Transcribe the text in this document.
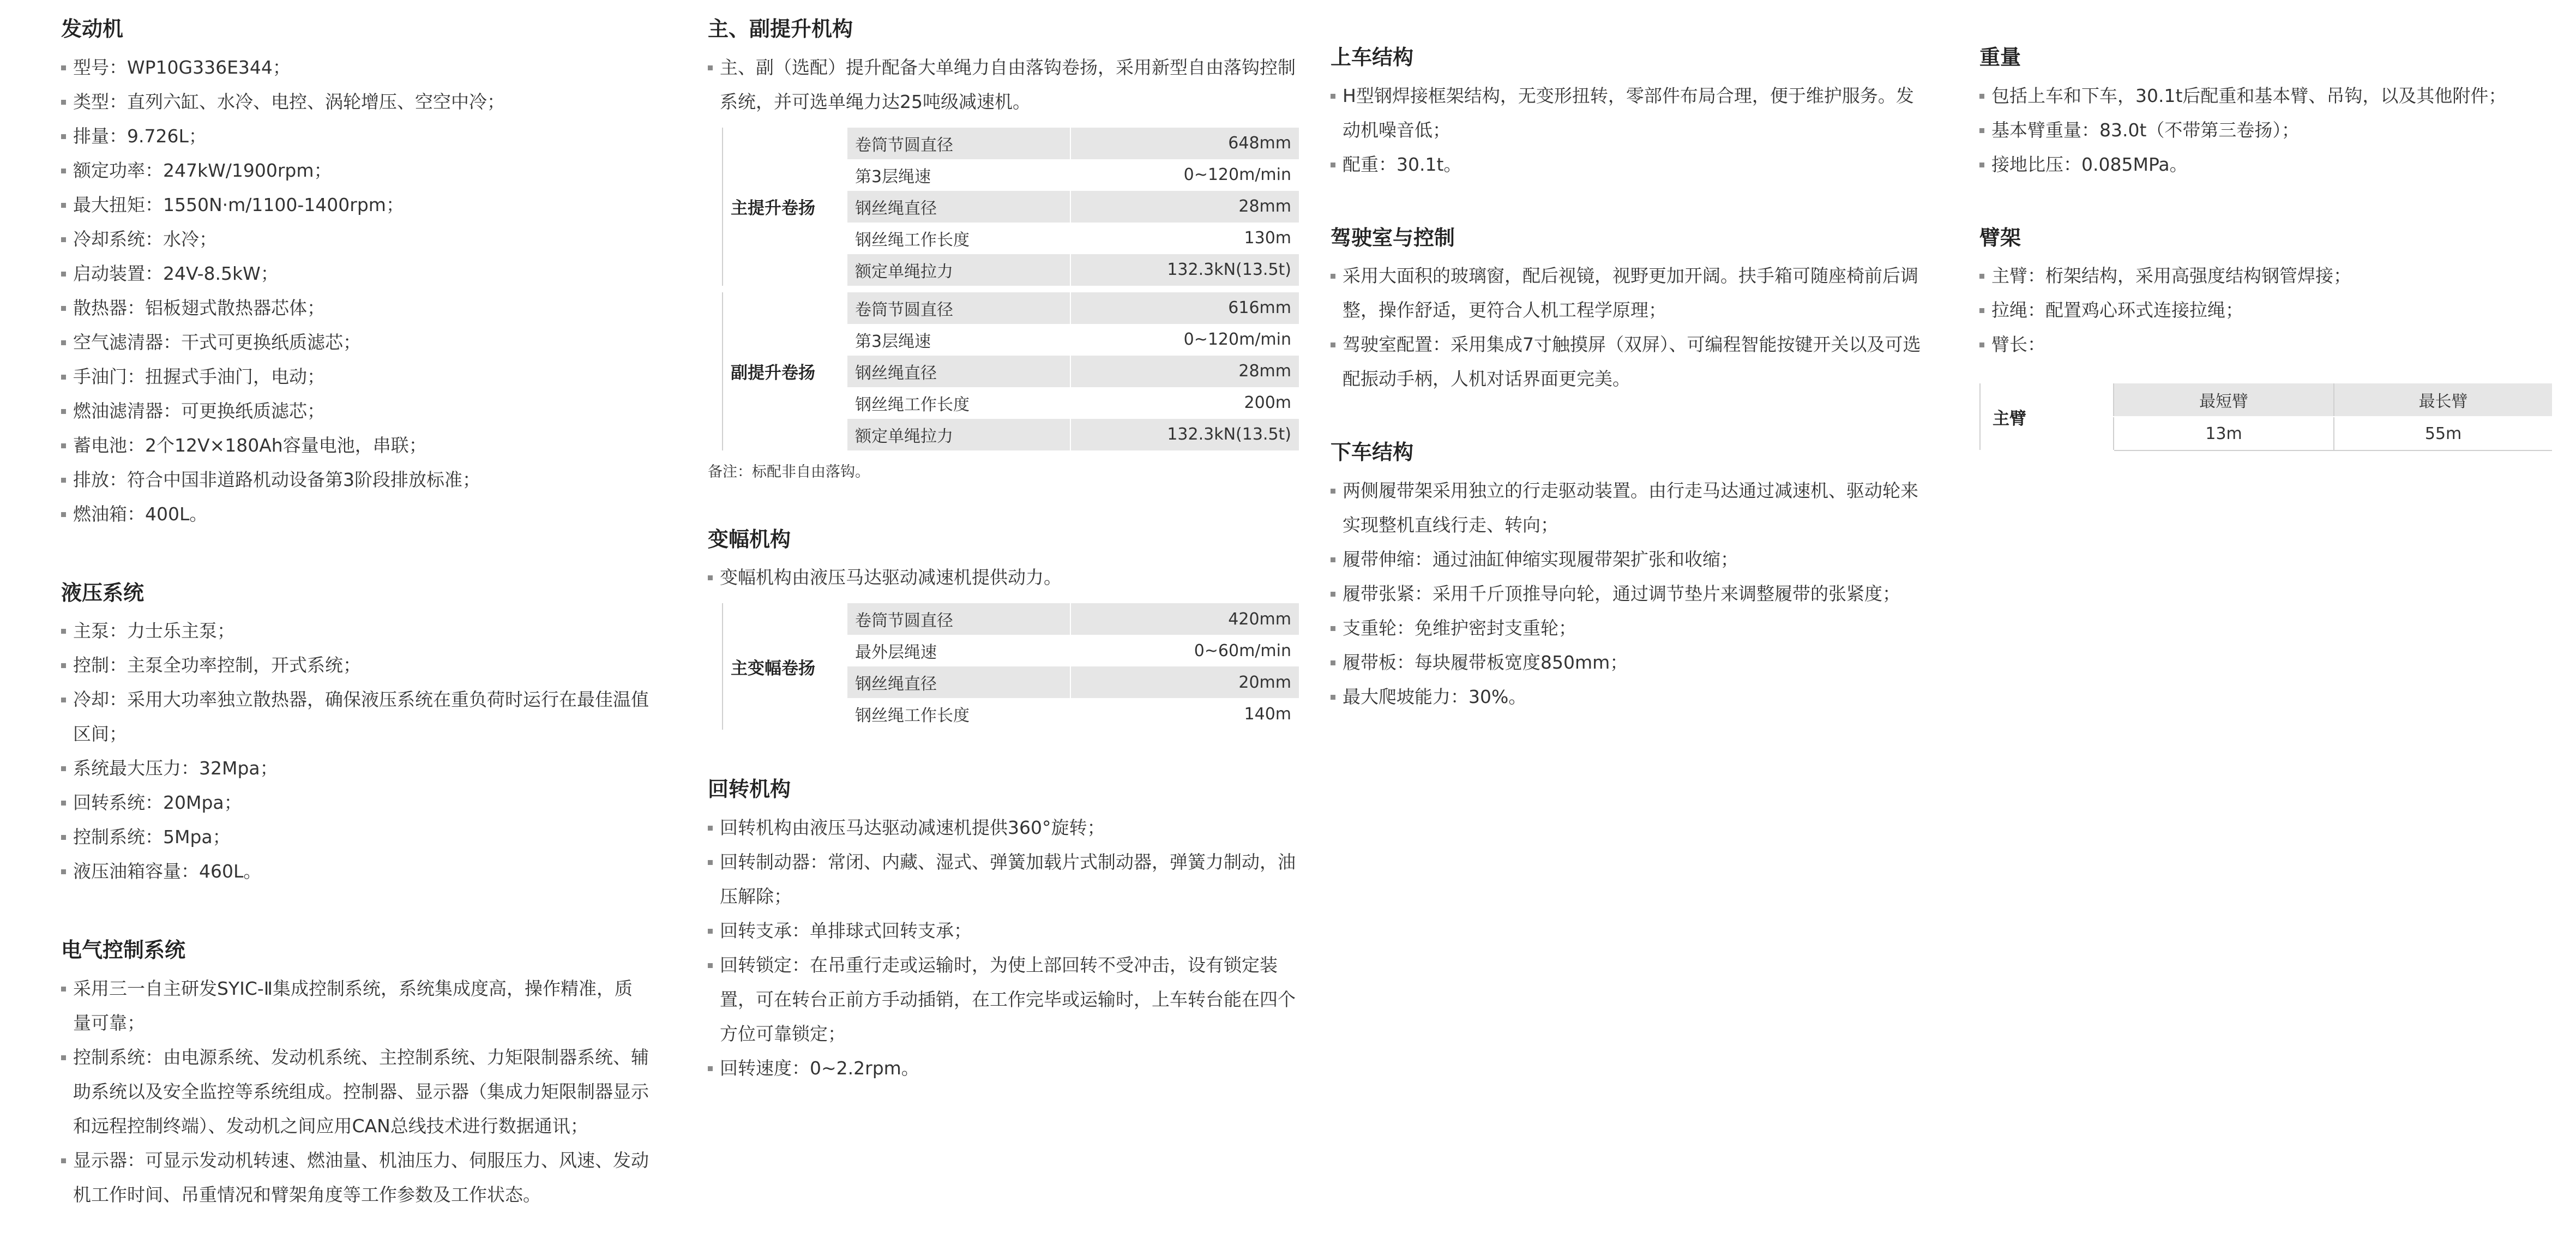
发动机
型号：WP10G336E344；
类型：直列六缸、水冷、电控、涡轮增压、空空中冷；
排量：9.726L；
额定功率：247kW/1900rpm；
最大扭矩：1550N·m/1100-1400rpm；
冷却系统：水冷；
启动装置：24V-8.5kW；
散热器：铝板翅式散热器芯体；
空气滤清器：干式可更换纸质滤芯；
手油门：扭握式手油门，电动；
燃油滤清器：可更换纸质滤芯；
蓄电池：2个12V×180Ah容量电池，串联；
排放：符合中国非道路机动设备第3阶段排放标准；
燃油箱：400L。
液压系统
主泵：力士乐主泵；
控制：主泵全功率控制，开式系统；
冷却：采用大功率独立散热器，确保液压系统在重负荷时运行在最佳温值区间；
系统最大压力：32Mpa；
回转系统：20Mpa；
控制系统：5Mpa；
液压油箱容量：460L。
电气控制系统
采用三一自主研发SYIC-Ⅱ集成控制系统，系统集成度高，操作精准，质量可靠；
控制系统：由电源系统、发动机系统、主控制系统、力矩限制器系统、辅助系统以及安全监控等系统组成。控制器、显示器（集成力矩限制器显示和远程控制终端）、发动机之间应用CAN总线技术进行数据通讯；
显示器：可显示发动机转速、燃油量、机油压力、伺服压力、风速、发动机工作时间、吊重情况和臂架角度等工作参数及工作状态。
主、副提升机构
主、副（选配）提升配备大单绳力自由落钩卷扬，采用新型自由落钩控制系统，并可选单绳力达25吨级减速机。
主提升卷扬	卷筒节圆直径	648mm
	第3层绳速	0~120m/min
	钢丝绳直径	28mm
	钢丝绳工作长度	130m
	额定单绳拉力	132.3kN(13.5t)
副提升卷扬	卷筒节圆直径	616mm
	第3层绳速	0~120m/min
	钢丝绳直径	28mm
	钢丝绳工作长度	200m
	额定单绳拉力	132.3kN(13.5t)
备注：标配非自由落钩。
变幅机构
变幅机构由液压马达驱动减速机提供动力。
主变幅卷扬	卷筒节圆直径	420mm
	最外层绳速	0~60m/min
	钢丝绳直径	20mm
	钢丝绳工作长度	140m
回转机构
回转机构由液压马达驱动减速机提供360°旋转；
回转制动器：常闭、内藏、湿式、弹簧加载片式制动器，弹簧力制动，油压解除；
回转支承：单排球式回转支承；
回转锁定：在吊重行走或运输时，为使上部回转不受冲击，设有锁定装置，可在转台正前方手动插销，在工作完毕或运输时，上车转台能在四个方位可靠锁定；
回转速度：0~2.2rpm。
上车结构
H型钢焊接框架结构，无变形扭转，零部件布局合理，便于维护服务。发动机噪音低；
配重：30.1t。
驾驶室与控制
采用大面积的玻璃窗，配后视镜，视野更加开阔。扶手箱可随座椅前后调整，操作舒适，更符合人机工程学原理；
驾驶室配置：采用集成7寸触摸屏（双屏）、可编程智能按键开关以及可选配振动手柄，人机对话界面更完美。
下车结构
两侧履带架采用独立的行走驱动装置。由行走马达通过减速机、驱动轮来实现整机直线行走、转向；
履带伸缩：通过油缸伸缩实现履带架扩张和收缩；
履带张紧：采用千斤顶推导向轮，通过调节垫片来调整履带的张紧度；
支重轮：免维护密封支重轮；
履带板：每块履带板宽度850mm；
最大爬坡能力：30%。
重量
包括上车和下车，30.1t后配重和基本臂、吊钩，以及其他附件；
基本臂重量：83.0t（不带第三卷扬）；
接地比压：0.085MPa。
臂架
主臂：桁架结构，采用高强度结构钢管焊接；
拉绳：配置鸡心环式连接拉绳；
臂长：
主臂	最短臂	最长臂
	13m	55m
